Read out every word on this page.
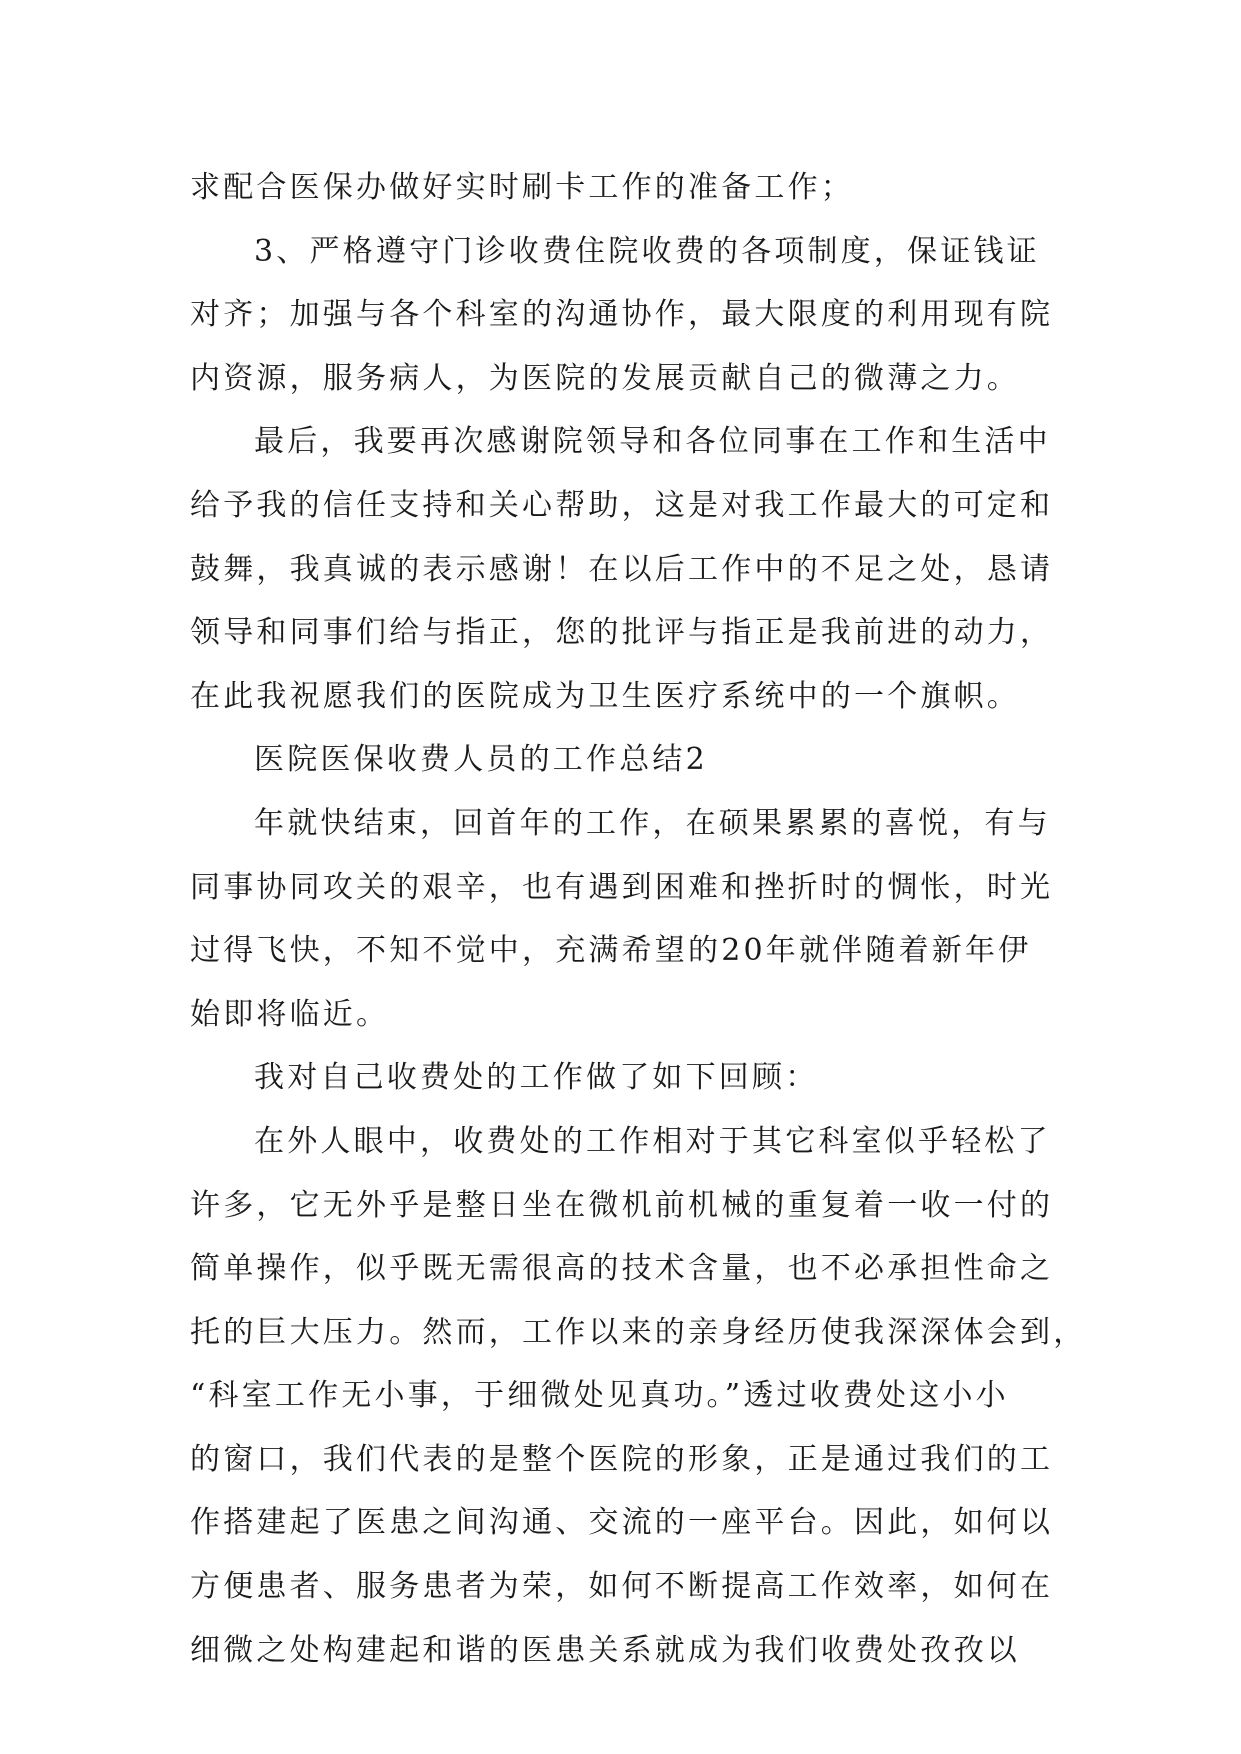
求配合医保办做好实时刷卡工作的准备工作；
3、严格遵守门诊收费住院收费的各项制度，保证钱证
对齐；加强与各个科室的沟通协作，最大限度的利用现有院
内资源，服务病人，为医院的发展贡献自己的微薄之力。
最后，我要再次感谢院领导和各位同事在工作和生活中
给予我的信任支持和关心帮助，这是对我工作最大的可定和
鼓舞，我真诚的表示感谢！在以后工作中的不足之处，恳请
领导和同事们给与指正，您的批评与指正是我前进的动力，
在此我祝愿我们的医院成为卫生医疗系统中的一个旗帜。
医院医保收费人员的工作总结2
年就快结束，回首年的工作，在硕果累累的喜悦，有与
同事协同攻关的艰辛，也有遇到困难和挫折时的惆怅，时光
过得飞快，不知不觉中，充满希望的20年就伴随着新年伊
始即将临近。
我对自己收费处的工作做了如下回顾：
在外人眼中，收费处的工作相对于其它科室似乎轻松了
许多，它无外乎是整日坐在微机前机械的重复着一收一付的
简单操作，似乎既无需很高的技术含量，也不必承担性命之
托的巨大压力。然而，工作以来的亲身经历使我深深体会到，
“科室工作无小事，于细微处见真功。”透过收费处这小小
的窗口，我们代表的是整个医院的形象，正是通过我们的工
作搭建起了医患之间沟通、交流的一座平台。因此，如何以
方便患者、服务患者为荣，如何不断提高工作效率，如何在
细微之处构建起和谐的医患关系就成为我们收费处孜孜以
